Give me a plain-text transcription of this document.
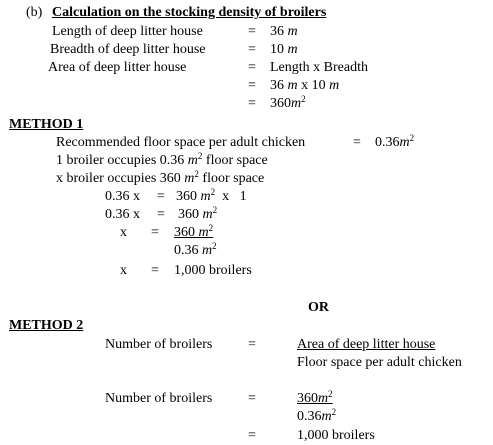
(b) Calculation on the stocking density of broilers
Length of deep litter house	= 36 m
Breadth of deep litter house	= 10 m
Area of deep litter house	= Length x Breadth
= 36 m x 10 m
= $360m^2$
METHOD 1
Recommended floor space per adult chicken	= $0.36m^2$
1 broiler occupies 0.36 $m^2$ floor space
x broiler occupies 360 $m^2$ floor space
0.36 x = 360 $m^2$ x   1
0.36 x = 360 $m^2$
x = 360 $m^2$
0.36 $m^2$
x = 1,000 broilers
OR
METHOD 2
Number of broilers	=	Area of deep litter house
Floor space per adult chicken
Number of broilers	=	$360m^2$
$0.36m^2$
=	1,000 broilers
